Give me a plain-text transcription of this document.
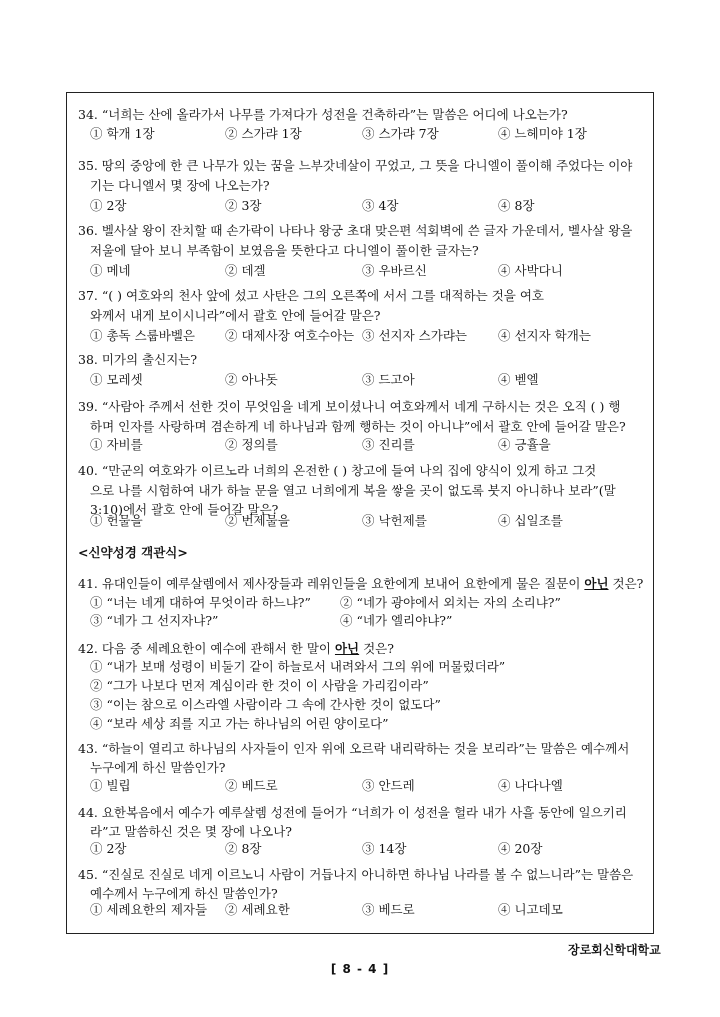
34. “너희는 산에 올라가서 나무를 가져다가 성전을 건축하라”는 말씀은 어디에 나오는가?
① 학개 1장	② 스가랴 1장	③ 스가랴 7장	④ 느헤미야 1장
35. 땅의 중앙에 한 큰 나무가 있는 꿈을 느부갓네살이 꾸었고, 그 뜻을 다니엘이 풀이해 주었다는 이야
기는 다니엘서 몇 장에 나오는가?
① 2장	② 3장	③ 4장	④ 8장
36. 벨사살 왕이 잔치할 때 손가락이 나타나 왕궁 초대 맞은편 석회벽에 쓴 글자 가운데서, 벨사살 왕을
저울에 달아 보니 부족함이 보였음을 뜻한다고 다니엘이 풀이한 글자는?
① 메네	② 데겔	③ 우바르신	④ 사박다니
37. “( ) 여호와의 천사 앞에 섰고 사탄은 그의 오른쪽에 서서 그를 대적하는 것을 여호
와께서 내게 보이시니라”에서 괄호 안에 들어갈 말은?
① 총독 스룹바벨은 ② 대제사장 여호수아는 ③ 선지자 스가랴는 ④ 선지자 학개는
38. 미가의 출신지는?
① 모레셋	② 아나돗	③ 드고아	④ 벧엘
39. “사람아 주께서 선한 것이 무엇임을 네게 보이셨나니 여호와께서 네게 구하시는 것은 오직 ( ) 행
하며 인자를 사랑하며 겸손하게 네 하나님과 함께 행하는 것이 아니냐”에서 괄호 안에 들어갈 말은?
① 자비를	② 정의를	③ 진리를	④ 긍휼을
40. “만군의 여호와가 이르노라 너희의 온전한 ( ) 창고에 들여 나의 집에 양식이 있게 하고 그것
으로 나를 시험하여 내가 하늘 문을 열고 너희에게 복을 쌓을 곳이 없도록 붓지 아니하나 보라”(말
3:10)에서 괄호 안에 들어갈 말은?
① 헌물을	② 번제물을	③ 낙헌제를	④ 십일조를
<신약성경 객관식>
41. 유대인들이 예루살렘에서 제사장들과 레위인들을 요한에게 보내어 요한에게 물은 질문이 아닌 것은?
① “너는 네게 대하여 무엇이라 하느냐?” ② “네가 광야에서 외치는 자의 소리냐?”
③ “네가 그 선지자냐?”	④ “네가 엘리야냐?”
42. 다음 중 세례요한이 예수에 관해서 한 말이 아닌 것은?
① “내가 보매 성령이 비둘기 같이 하늘로서 내려와서 그의 위에 머물렀더라”
② “그가 나보다 먼저 계심이라 한 것이 이 사람을 가리킴이라”
③ “이는 참으로 이스라엘 사람이라 그 속에 간사한 것이 없도다”
④ “보라 세상 죄를 지고 가는 하나님의 어린 양이로다”
43. “하늘이 열리고 하나님의 사자들이 인자 위에 오르락 내리락하는 것을 보리라”는 말씀은 예수께서
누구에게 하신 말씀인가?
① 빌립	② 베드로	③ 안드레	④ 나다나엘
44. 요한복음에서 예수가 예루살렘 성전에 들어가 “너희가 이 성전을 헐라 내가 사흘 동안에 일으키리
라”고 말씀하신 것은 몇 장에 나오나?
① 2장	② 8장	③ 14장	④ 20장
45. “진실로 진실로 네게 이르노니 사람이 거듭나지 아니하면 하나님 나라를 볼 수 없느니라”는 말씀은
예수께서 누구에게 하신 말씀인가?
① 세례요한의 제자들 ② 세례요한	③ 베드로	④ 니고데모
장로회신학대학교
[ 8 - 4 ]
